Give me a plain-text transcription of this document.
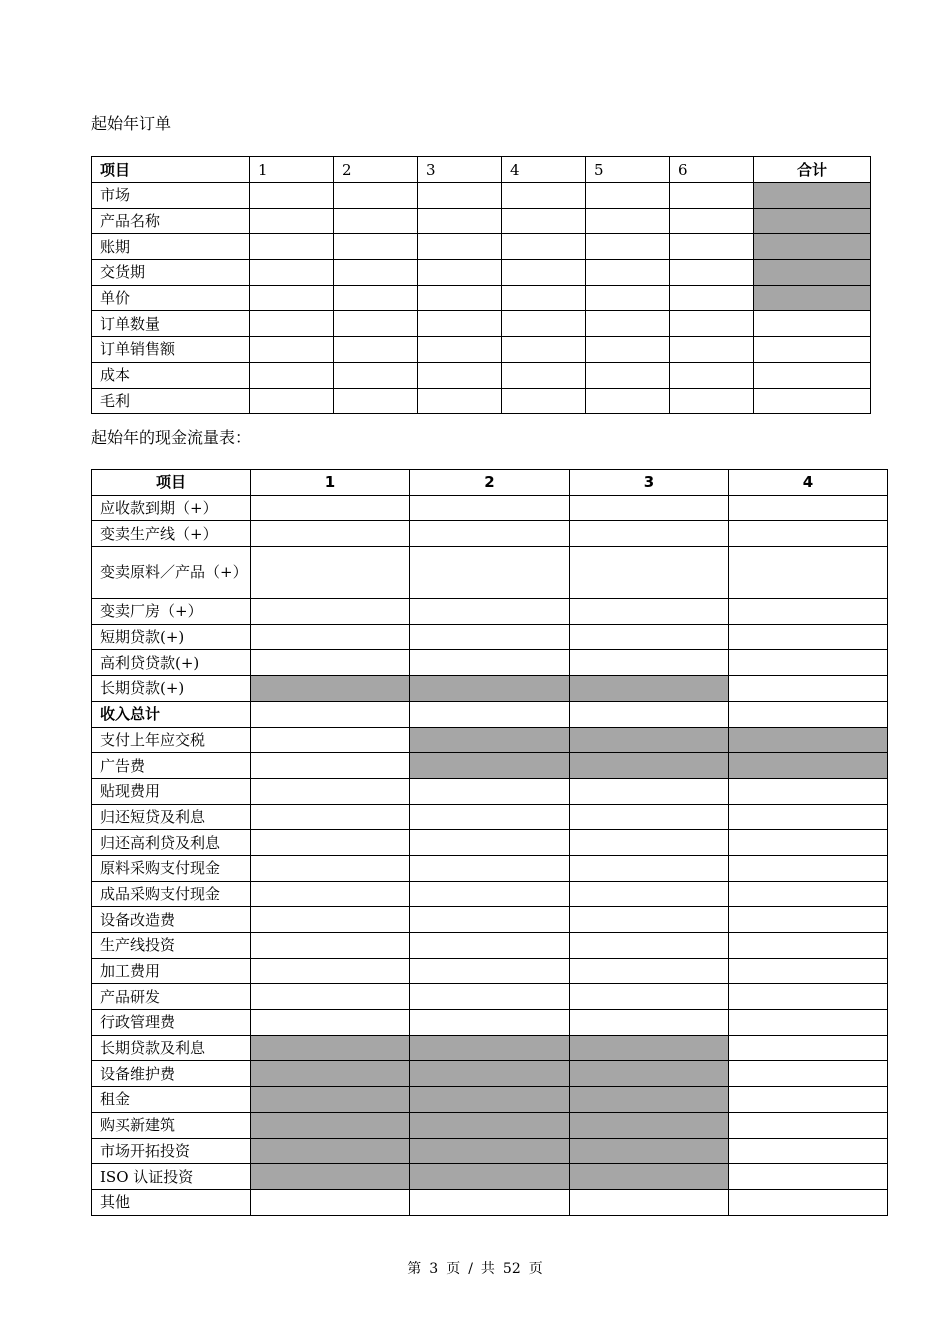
起始年订单
项目	1	2	3	4	5	6	合计
市场							
产品名称							
账期							
交货期							
单价							
订单数量							
订单销售额							
成本							
毛利							
起始年的现金流量表：
项目	1	2	3	4
应收款到期（+）				
变卖生产线（+）				
变卖原料／产品（+）				
变卖厂房（+）				
短期贷款(+)				
高利贷贷款(+)				
长期贷款(+)				
收入总计				
支付上年应交税				
广告费				
贴现费用				
归还短贷及利息				
归还高利贷及利息				
原料采购支付现金				
成品采购支付现金				
设备改造费				
生产线投资				
加工费用				
产品研发				
行政管理费				
长期贷款及利息				
设备维护费				
租金				
购买新建筑				
市场开拓投资				
ISO 认证投资				
其他				
第 3 页 / 共 52 页
